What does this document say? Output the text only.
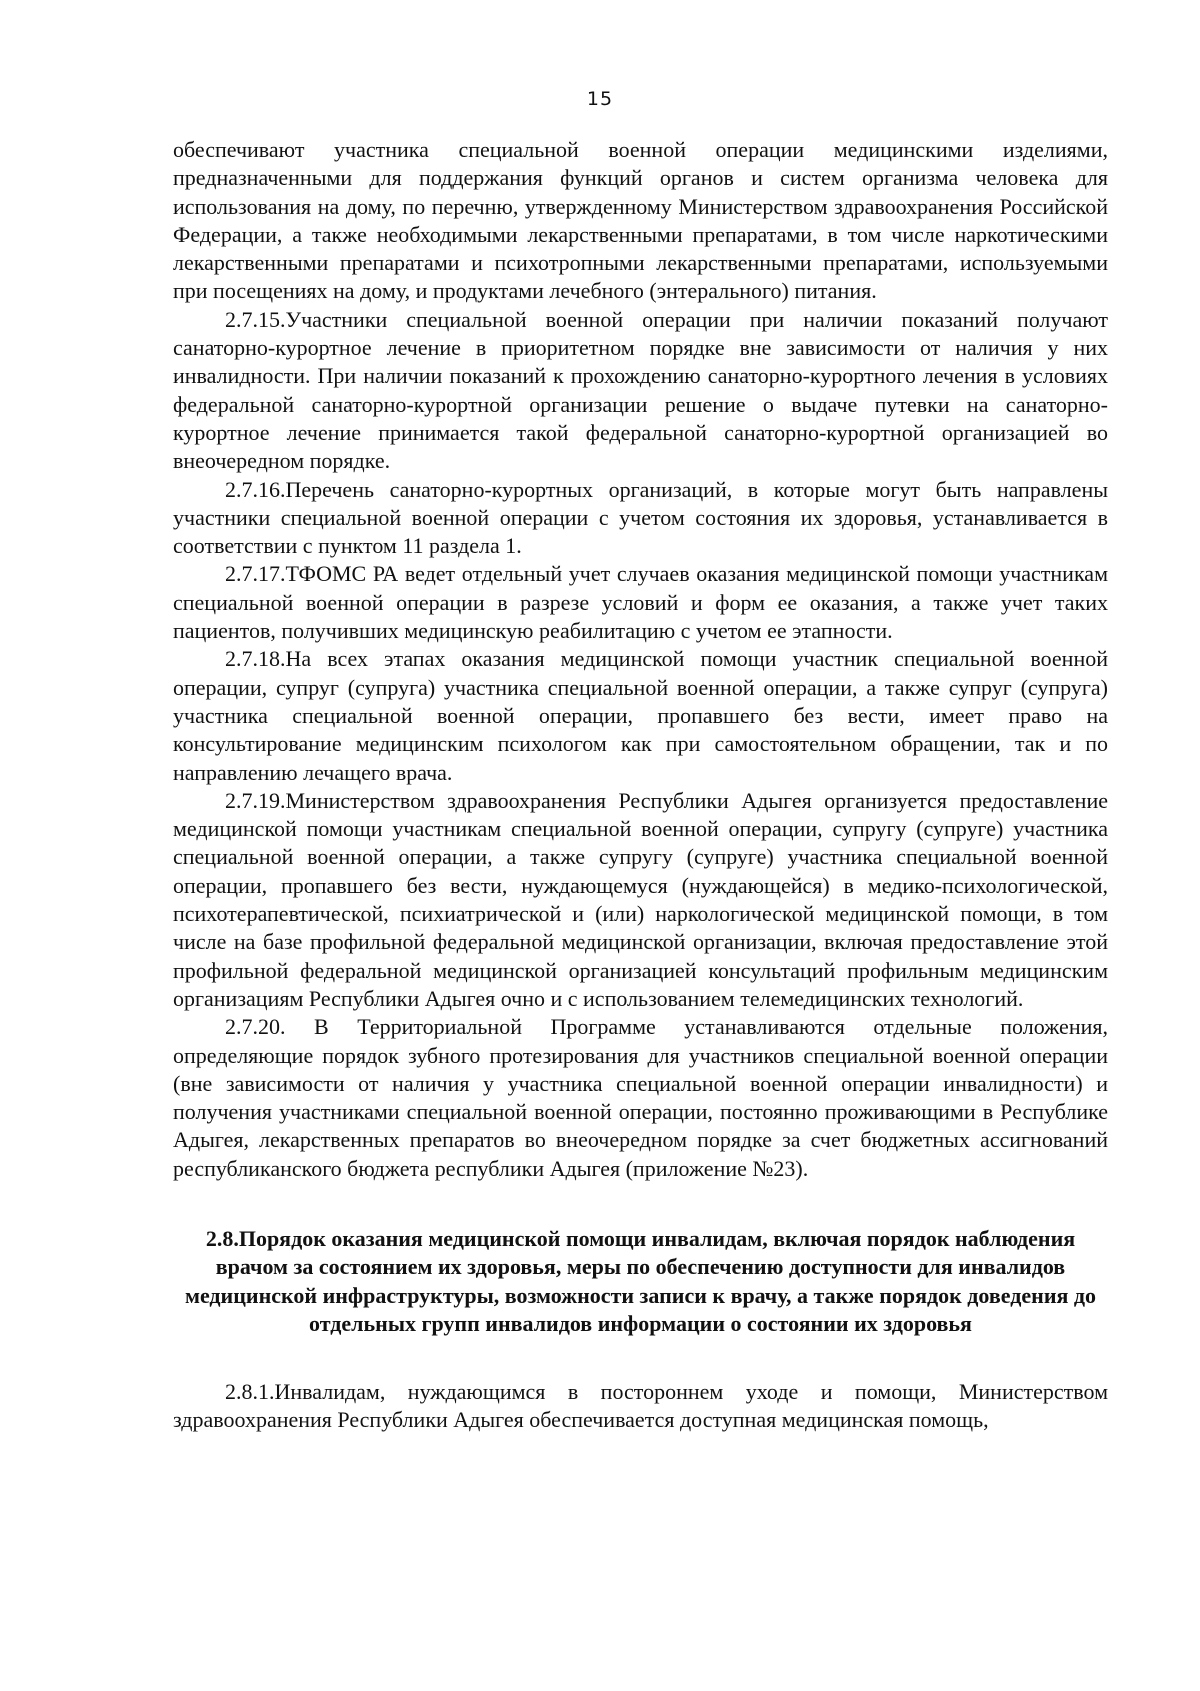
15

обеспечивают участника специальной военной операции медицинскими изделиями, предназначенными для поддержания функций органов и систем организма человека для использования на дому, по перечню, утвержденному Министерством здравоохранения Российской Федерации, а также необходимыми лекарственными препаратами, в том числе наркотическими лекарственными препаратами и психотропными лекарственными препаратами, используемыми при посещениях на дому, и продуктами лечебного (энтерального) питания.

2.7.15.Участники специальной военной операции при наличии показаний получают санаторно-курортное лечение в приоритетном порядке вне зависимости от наличия у них инвалидности. При наличии показаний к прохождению санаторно-курортного лечения в условиях федеральной санаторно-курортной организации решение о выдаче путевки на санаторно-курортное лечение принимается такой федеральной санаторно-курортной организацией во внеочередном порядке.

2.7.16.Перечень санаторно-курортных организаций, в которые могут быть направлены участники специальной военной операции с учетом состояния их здоровья, устанавливается в соответствии с пунктом 11 раздела 1.

2.7.17.ТФОМС РА ведет отдельный учет случаев оказания медицинской помощи участникам специальной военной операции в разрезе условий и форм ее оказания, а также учет таких пациентов, получивших медицинскую реабилитацию с учетом ее этапности.

2.7.18.На всех этапах оказания медицинской помощи участник специальной военной операции, супруг (супруга) участника специальной военной операции, а также супруг (супруга) участника специальной военной операции, пропавшего без вести, имеет право на консультирование медицинским психологом как при самостоятельном обращении, так и по направлению лечащего врача.

2.7.19.Министерством здравоохранения Республики Адыгея организуется предоставление медицинской помощи участникам специальной военной операции, супругу (супруге) участника специальной военной операции, а также супругу (супруге) участника специальной военной операции, пропавшего без вести, нуждающемуся (нуждающейся) в медико-психологической, психотерапевтической, психиатрической и (или) наркологической медицинской помощи, в том числе на базе профильной федеральной медицинской организации, включая предоставление этой профильной федеральной медицинской организацией консультаций профильным медицинским организациям Республики Адыгея очно и с использованием телемедицинских технологий.

2.7.20. В Территориальной Программе устанавливаются отдельные положения, определяющие порядок зубного протезирования для участников специальной военной операции (вне зависимости от наличия у участника специальной военной операции инвалидности) и получения участниками специальной военной операции, постоянно проживающими в Республике Адыгея, лекарственных препаратов во внеочередном порядке за счет бюджетных ассигнований республиканского бюджета республики Адыгея (приложение №23).

2.8.Порядок оказания медицинской помощи инвалидам, включая порядок наблюдения врачом за состоянием их здоровья, меры по обеспечению доступности для инвалидов медицинской инфраструктуры, возможности записи к врачу, а также порядок доведения до отдельных групп инвалидов информации о состоянии их здоровья

2.8.1.Инвалидам, нуждающимся в постороннем уходе и помощи, Министерством здравоохранения Республики Адыгея обеспечивается доступная медицинская помощь,
